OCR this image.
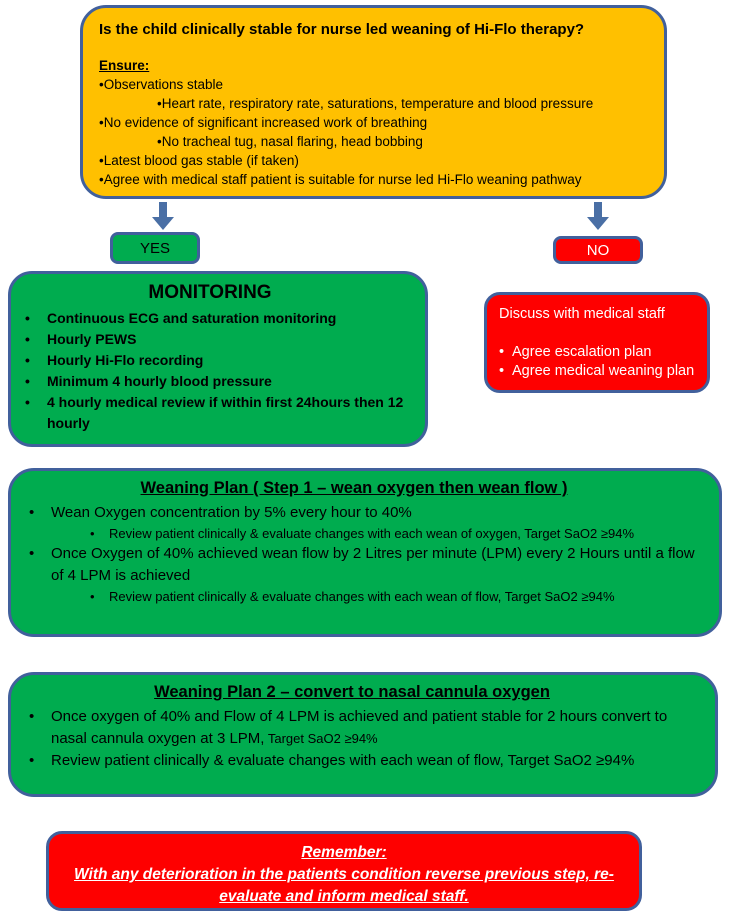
Is the child clinically stable for nurse led weaning of Hi-Flo therapy?
Ensure:
•Observations stable
•Heart rate, respiratory rate, saturations, temperature and blood pressure
•No evidence of significant increased work of breathing
•No tracheal tug, nasal flaring, head bobbing
•Latest blood gas stable (if taken)
•Agree with medical staff patient is suitable for nurse led Hi-Flo weaning pathway
YES	NO
MONITORING
•	Continuous ECG and saturation monitoring
•	Hourly PEWS
•	Hourly Hi-Flo recording
•	Minimum 4 hourly blood pressure
•	4 hourly medical review if within first 24hours then 12 hourly
Discuss with medical staff
• Agree escalation plan
• Agree medical weaning plan
Weaning Plan ( Step 1 – wean oxygen then wean flow )
•	Wean Oxygen concentration by 5% every hour to 40%
•	Review patient clinically & evaluate changes with each wean of oxygen, Target SaO2 ≥94%
•	Once Oxygen of 40% achieved wean flow by 2 Litres per minute (LPM) every 2 Hours until a flow of 4 LPM is achieved
•	Review patient clinically & evaluate changes with each wean of flow, Target SaO2 ≥94%
Weaning Plan 2 – convert to nasal cannula oxygen
•	Once oxygen of 40% and Flow of 4 LPM is achieved and patient stable for 2 hours convert to nasal cannula oxygen at 3 LPM, Target SaO2 ≥94%
•	Review patient clinically & evaluate changes with each wean of flow, Target SaO2 ≥94%
Remember:
With any deterioration in the patients condition reverse previous step, re-evaluate and inform medical staff.
